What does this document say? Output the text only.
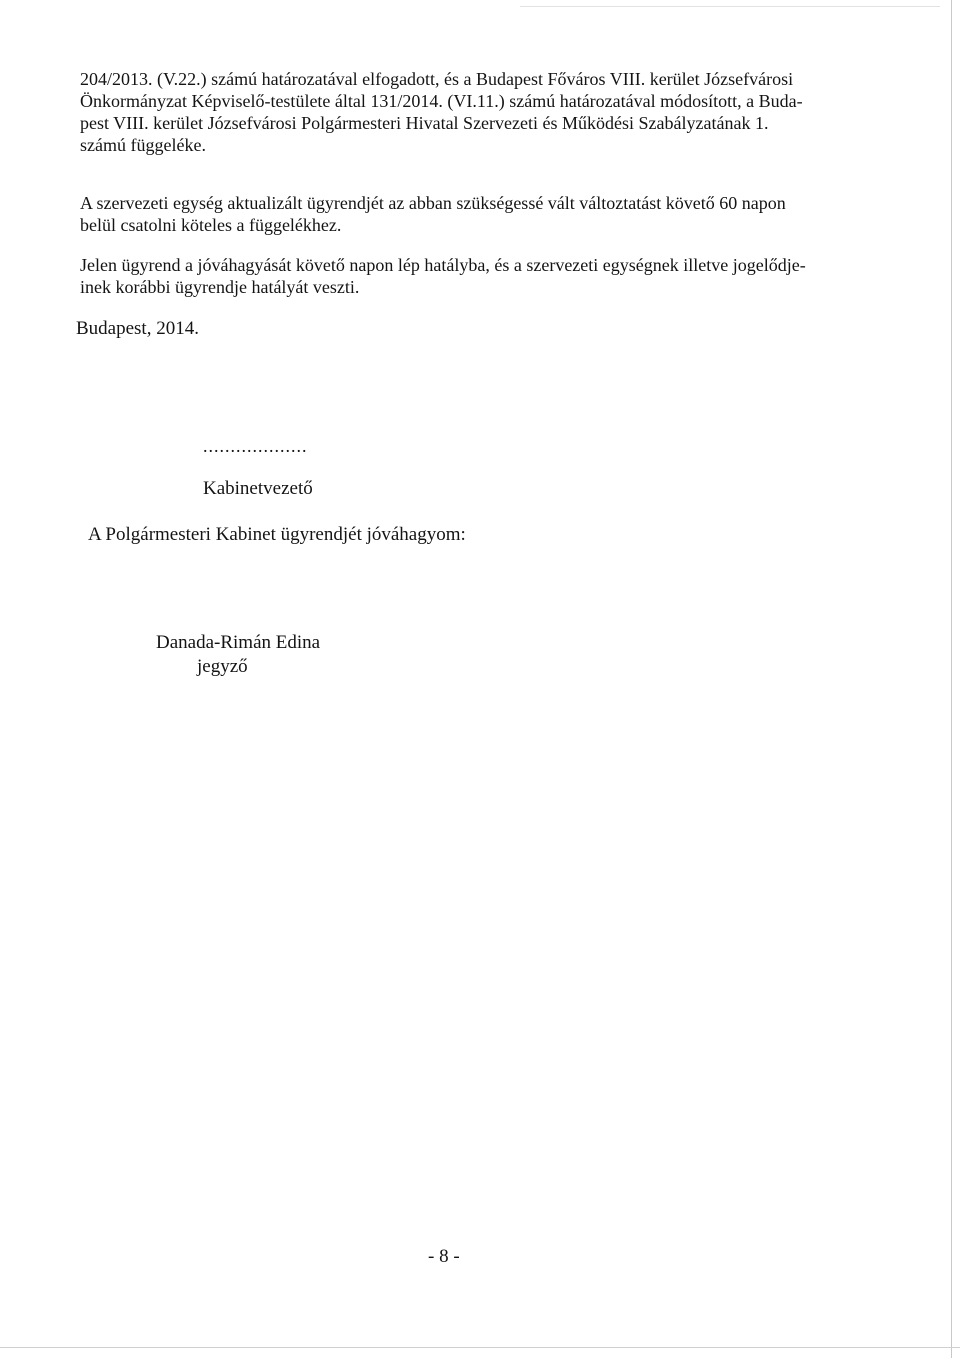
204/2013. (V.22.) számú határozatával elfogadott, és a Budapest Főváros VIII. kerület Józsefvárosi
Önkormányzat Képviselő-testülete által 131/2014. (VI.11.) számú határozatával módosított, a Buda-
pest VIII. kerület Józsefvárosi Polgármesteri Hivatal Szervezeti és Működési Szabályzatának 1.
számú függeléke.

A szervezeti egység aktualizált ügyrendjét az abban szükségessé vált változtatást követő 60 napon
belül csatolni köteles a függelékhez.

Jelen ügyrend a jóváhagyását követő napon lép hatályba, és a szervezeti egységnek illetve jogelődje-
inek korábbi ügyrendje hatályát veszti.

Budapest, 2014.
...................
Kabinetvezető
A Polgármesteri Kabinet ügyrendjét jóváhagyom:
Danada-Rimán Edina
jegyző
- 8 -
